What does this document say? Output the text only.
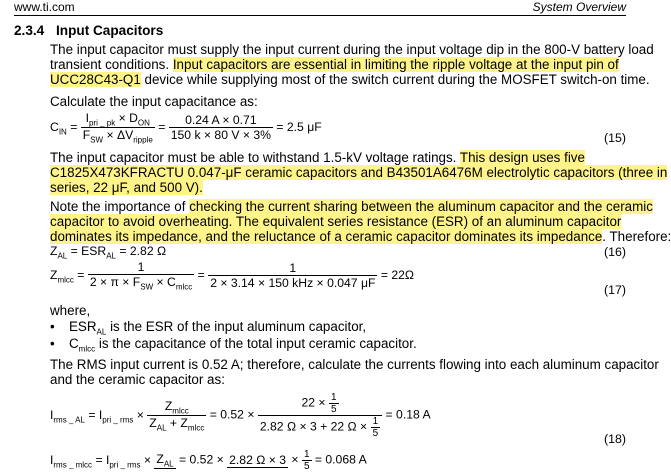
www.ti.com	System Overview
2.3.4 Input Capacitors
The input capacitor must supply the input current during the input voltage dip in the 800-V battery load
transient conditions. Input capacitors are essential in limiting the ripple voltage at the input pin of
UCC28C43-Q1 device while supplying most of the switch current during the MOSFET switch-on time.
Calculate the input capacitance as:
$C_{IN} = \frac{I_{pri \_ pk} \times D_{ON}}{F_{SW} \times \Delta V_{ripple}} = \frac{0.24 A \times 0.71}{150 k \times 80 V \times 3\%} = 2.5$ μF
(15)
The input capacitor must be able to withstand 1.5-kV voltage ratings. This design uses five
C1825X473KFRACTU 0.047-μF ceramic capacitors and B43501A6476M electrolytic capacitors (three in
series, 22 μF, and 500 V).
Note the importance of checking the current sharing between the aluminum capacitor and the ceramic
capacitor to avoid overheating. The equivalent series resistance (ESR) of an aluminum capacitor
dominates its impedance, and the reluctance of a ceramic capacitor dominates its impedance. Therefore:
$Z_{AL} = ESR_{AL} = 2.82$ Ω	(16)
$Z_{mlcc} = \frac{1}{2 \times \pi \times F_{SW} \times C_{mlcc}} = \frac{1}{\text{2 × 3.14 × 150 kHz × 0.047 μF}} = 22\Omega$
(17)
where,
• $ESR_{AL}$ is the ESR of the input aluminum capacitor,
• $C_{mlcc}$ is the capacitance of the total input ceramic capacitor.
The RMS input current is 0.52 A; therefore, calculate the currents flowing into each aluminum capacitor
and the ceramic capacitor as:
$I_{rms \_ AL} = I_{pri \_ rms} \times \frac{Z_{mlcc}}{Z_{AL} + Z_{mlcc}} = 0.52 \times \frac{22 \times \frac{1}{5}}{2.82 \Omega \times 3 + 22 \Omega \times \frac{1}{5}} = 0.18$ A
(18)
$I_{rms \_ mlcc} = I_{pri \_ rms} \times Z_{AL} = 0.52 \times 2.82$ $\Omega \times 3 \times \frac{1}{5} = 0.068$ A
